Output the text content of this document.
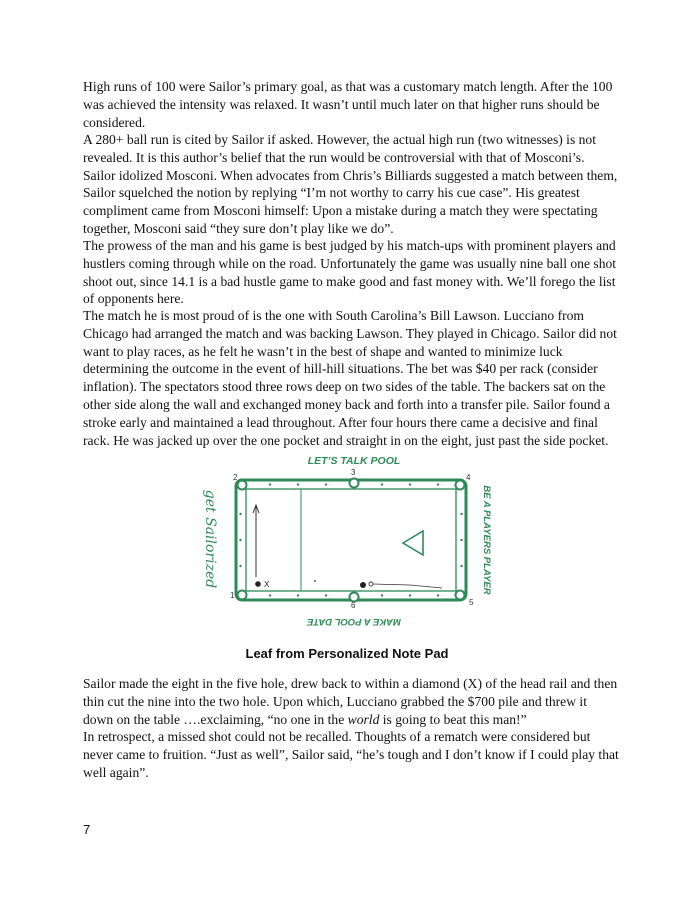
High runs of 100 were Sailor’s primary goal, as that was a customary match length. After the 100 was achieved the intensity was relaxed. It wasn’t until much later on that higher runs should be considered.

A 280+ ball run is cited by Sailor if asked. However, the actual high run (two witnesses) is not revealed. It is this author’s belief that the run would be controversial with that of Mosconi’s. Sailor idolized Mosconi. When advocates from Chris’s Billiards suggested a match between them, Sailor squelched the notion by replying “I’m not worthy to carry his cue case”. His greatest compliment came from Mosconi himself: Upon a mistake during a match they were spectating together, Mosconi said “they sure don’t play like we do”.

The prowess of the man and his game is best judged by his match-ups with prominent players and hustlers coming through while on the road. Unfortunately the game was usually nine ball one shot shoot out, since 14.1 is a bad hustle game to make good and fast money with. We’ll forego the list of opponents here.

The match he is most proud of is the one with South Carolina’s Bill Lawson. Lucciano from Chicago had arranged the match and was backing Lawson. They played in Chicago. Sailor did not want to play races, as he felt he wasn’t in the best of shape and wanted to minimize luck determining the outcome in the event of hill-hill situations. The bet was $40 per rack (consider inflation). The spectators stood three rows deep on two sides of the table. The backers sat on the other side along the wall and exchanged money back and forth into a transfer pile. Sailor found a stroke early and maintained a lead throughout. After four hours there came a decisive and final rack. He was jacked up over the one pocket and straight in on the eight, just past the side pocket.

LET’S TALK POOL
1
2
3
4
5
6
X
get Sailorized	BE A PLAYERS PLAYER
MAKE A POOL DATE
Leaf from Personalized Note Pad

Sailor made the eight in the five hole, drew back to within a diamond (X) of the head rail and then thin cut the nine into the two hole. Upon which, Lucciano grabbed the $700 pile and threw it down on the table ….exclaiming, “no one in the world is going to beat this man!”

In retrospect, a missed shot could not be recalled. Thoughts of a rematch were considered but never came to fruition. “Just as well”, Sailor said, “he’s tough and I don’t know if I could play that well again”.

7
